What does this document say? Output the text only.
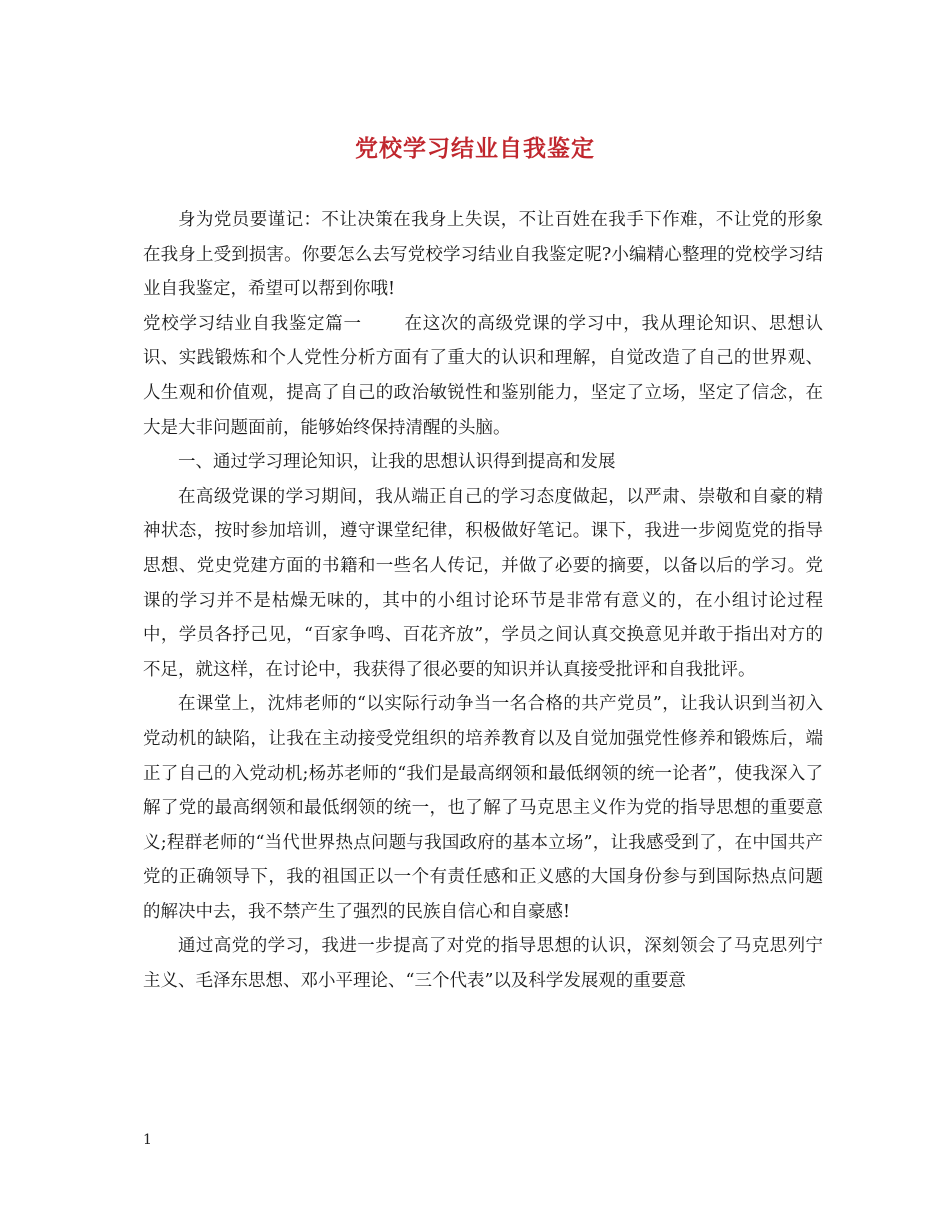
党校学习结业自我鉴定

身为党员要谨记：不让决策在我身上失误，不让百姓在我手下作难，不让党的形象在我身上受到损害。你要怎么去写党校学习结业自我鉴定呢?小编精心整理的党校学习结业自我鉴定，希望可以帮到你哦!

党校学习结业自我鉴定篇一 在这次的高级党课的学习中，我从理论知识、思想认识、实践锻炼和个人党性分析方面有了重大的认识和理解，自觉改造了自己的世界观、人生观和价值观，提高了自己的政治敏锐性和鉴别能力，坚定了立场，坚定了信念，在大是大非问题面前，能够始终保持清醒的头脑。

一、通过学习理论知识，让我的思想认识得到提高和发展

在高级党课的学习期间，我从端正自己的学习态度做起，以严肃、崇敬和自豪的精神状态，按时参加培训，遵守课堂纪律，积极做好笔记。课下，我进一步阅览党的指导思想、党史党建方面的书籍和一些名人传记，并做了必要的摘要，以备以后的学习。党课的学习并不是枯燥无味的，其中的小组讨论环节是非常有意义的，在小组讨论过程中，学员各抒己见，“百家争鸣、百花齐放”，学员之间认真交换意见并敢于指出对方的不足，就这样，在讨论中，我获得了很必要的知识并认真接受批评和自我批评。

在课堂上，沈炜老师的“以实际行动争当一名合格的共产党员”，让我认识到当初入党动机的缺陷，让我在主动接受党组织的培养教育以及自觉加强党性修养和锻炼后，端正了自己的入党动机;杨苏老师的“我们是最高纲领和最低纲领的统一论者”，使我深入了解了党的最高纲领和最低纲领的统一，也了解了马克思主义作为党的指导思想的重要意义;程群老师的“当代世界热点问题与我国政府的基本立场”，让我感受到了，在中国共产党的正确领导下，我的祖国正以一个有责任感和正义感的大国身份参与到国际热点问题的解决中去，我不禁产生了强烈的民族自信心和自豪感!

通过高党的学习，我进一步提高了对党的指导思想的认识，深刻领会了马克思列宁主义、毛泽东思想、邓小平理论、“三个代表”以及科学发展观的重要意

1
